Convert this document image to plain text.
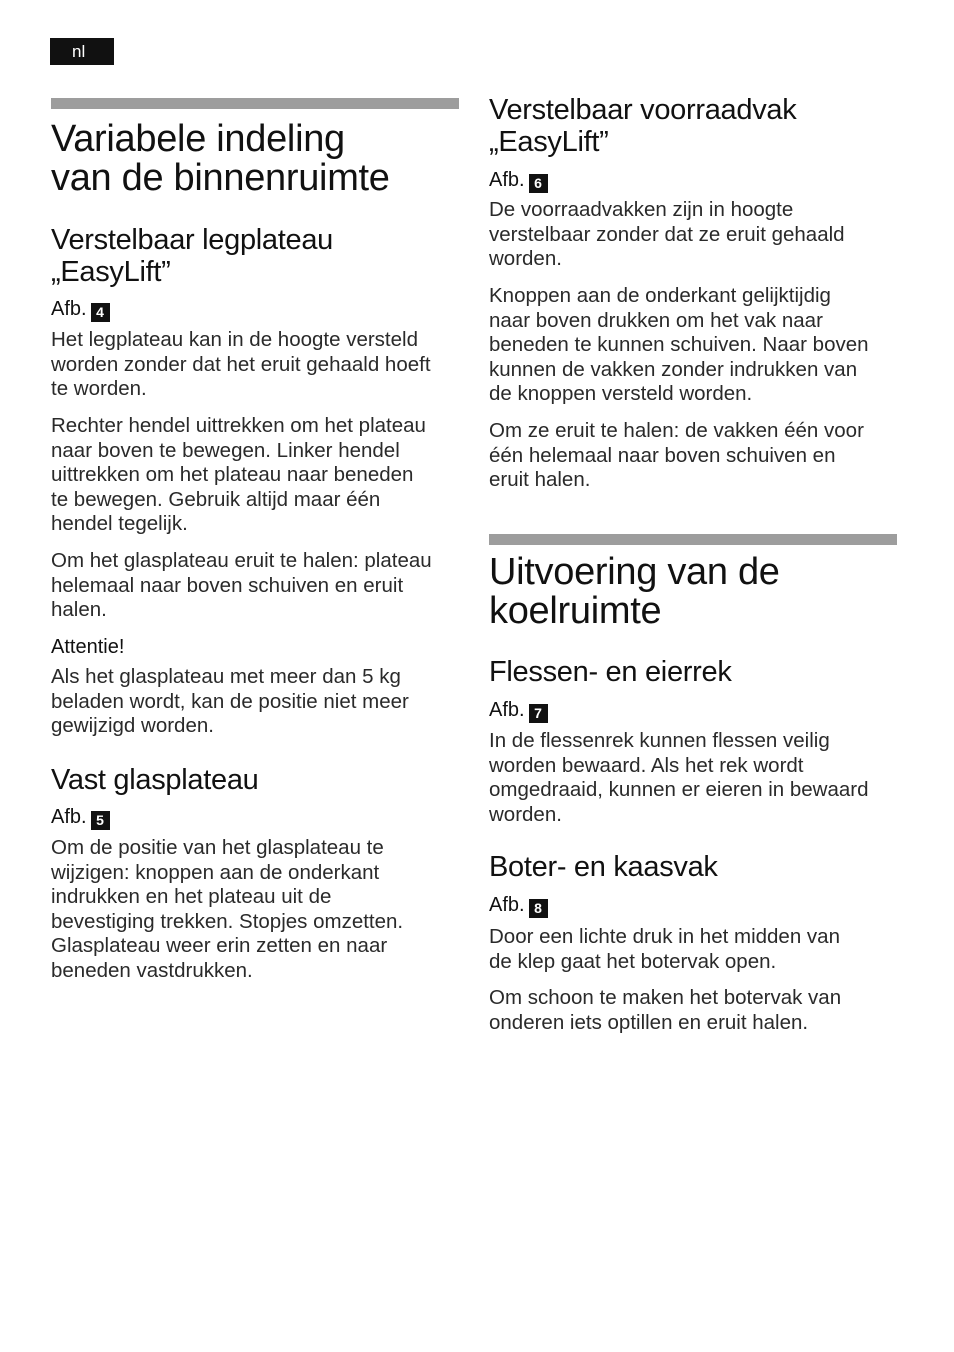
nl
Variabele indeling
van de binnenruimte
Verstelbaar legplateau
„EasyLift”
Afb. 4

Het legplateau kan in de hoogte versteld
worden zonder dat het eruit gehaald hoeft
te worden.

Rechter hendel uittrekken om het plateau
naar boven te bewegen. Linker hendel
uittrekken om het plateau naar beneden
te bewegen. Gebruik altijd maar één
hendel tegelijk.

Om het glasplateau eruit te halen: plateau
helemaal naar boven schuiven en eruit
halen.

Attentie!

Als het glasplateau met meer dan 5 kg
beladen wordt, kan de positie niet meer
gewijzigd worden.

Vast glasplateau
Afb. 5

Om de positie van het glasplateau te
wijzigen: knoppen aan de onderkant
indrukken en het plateau uit de
bevestiging trekken. Stopjes omzetten.
Glasplateau weer erin zetten en naar
beneden vastdrukken.

Verstelbaar voorraadvak
„EasyLift”
Afb. 6

De voorraadvakken zijn in hoogte
verstelbaar zonder dat ze eruit gehaald
worden.

Knoppen aan de onderkant gelijktijdig
naar boven drukken om het vak naar
beneden te kunnen schuiven. Naar boven
kunnen de vakken zonder indrukken van
de knoppen versteld worden.

Om ze eruit te halen: de vakken één voor
één helemaal naar boven schuiven en
eruit halen.

Uitvoering van de
koelruimte
Flessen- en eierrek
Afb. 7

In de flessenrek kunnen flessen veilig
worden bewaard. Als het rek wordt
omgedraaid, kunnen er eieren in bewaard
worden.

Boter- en kaasvak
Afb. 8

Door een lichte druk in het midden van
de klep gaat het botervak open.

Om schoon te maken het botervak van
onderen iets optillen en eruit halen.
